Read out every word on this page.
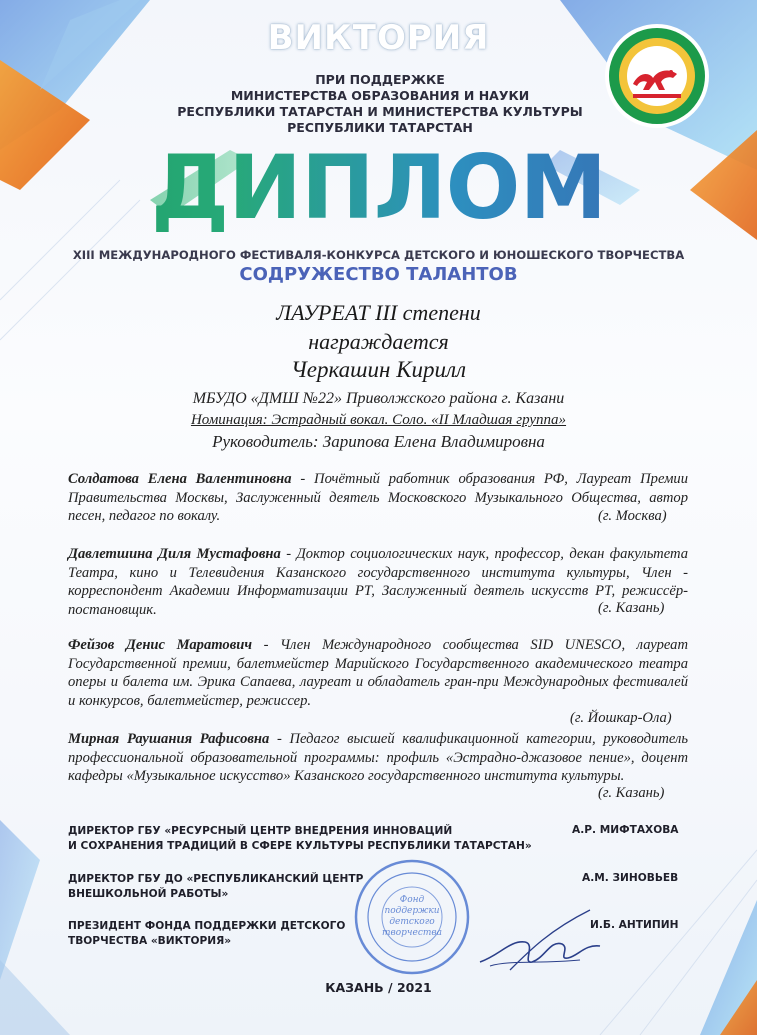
ВИКТОРИЯ
ПРИ ПОДДЕРЖКЕ
МИНИСТЕРСТВА ОБРАЗОВАНИЯ И НАУКИ
РЕСПУБЛИКИ ТАТАРСТАН И МИНИСТЕРСТВА КУЛЬТУРЫ
РЕСПУБЛИКИ ТАТАРСТАН
ДИПЛОМ
XIII МЕЖДУНАРОДНОГО ФЕСТИВАЛЯ-КОНКУРСА ДЕТСКОГО И ЮНОШЕСКОГО ТВОРЧЕСТВА
СОДРУЖЕСТВО ТАЛАНТОВ
ЛАУРЕАТ III степени
награждается
Черкашин Кирилл
МБУДО «ДМШ №22» Приволжского района г. Казани
Номинация: Эстрадный вокал. Соло. «II Младшая группа»
Руководитель: Зарипова Елена Владимировна
Солдатова Елена Валентиновна - Почётный работник образования РФ, Лауреат Премии Правительства Москвы, Заслуженный деятель Московского Музыкального Общества, автор песен, педагог по вокалу.	(г. Москва)
Давлетшина Диля Мустафовна - Доктор социологических наук, профессор, декан факультета Театра, кино и Телевидения Казанского государственного института культуры, Член - корреспондент Академии Информатизации РТ, Заслуженный деятель искусств РТ, режиссёр- постановщик.	(г. Казань)
Фейзов Денис Маратович - Член Международного сообщества SID UNESCO, лауреат Государственной премии, балетмейстер Марийского Государственного академического театра оперы и балета им. Эрика Сапаева, лауреат и обладатель гран-при Международных фестивалей и конкурсов, балетмейстер, режиссер.
(г. Йошкар-Ола)
Мирная Раушания Рафисовна - Педагог высшей квалификационной категории, руководитель профессиональной образовательной программы: профиль «Эстрадно-джазовое пение», доцент кафедры «Музыкальное искусство» Казанского государственного института культуры.
(г. Казань)
ДИРЕКТОР ГБУ «РЕСУРСНЫЙ ЦЕНТР ВНЕДРЕНИЯ ИННОВАЦИЙ
И СОХРАНЕНИЯ ТРАДИЦИЙ В СФЕРЕ КУЛЬТУРЫ РЕСПУБЛИКИ ТАТАРСТАН»
А.Р. МИФТАХОВА
ДИРЕКТОР ГБУ ДО «РЕСПУБЛИКАНСКИЙ ЦЕНТР
ВНЕШКОЛЬНОЙ РАБОТЫ»
А.М. ЗИНОВЬЕВ
ПРЕЗИДЕНТ ФОНДА ПОДДЕРЖКИ ДЕТСКОГО
ТВОРЧЕСТВА «ВИКТОРИЯ»
И.Б. АНТИПИН
Фонд
поддержки
детского
творчества
КАЗАНЬ / 2021
